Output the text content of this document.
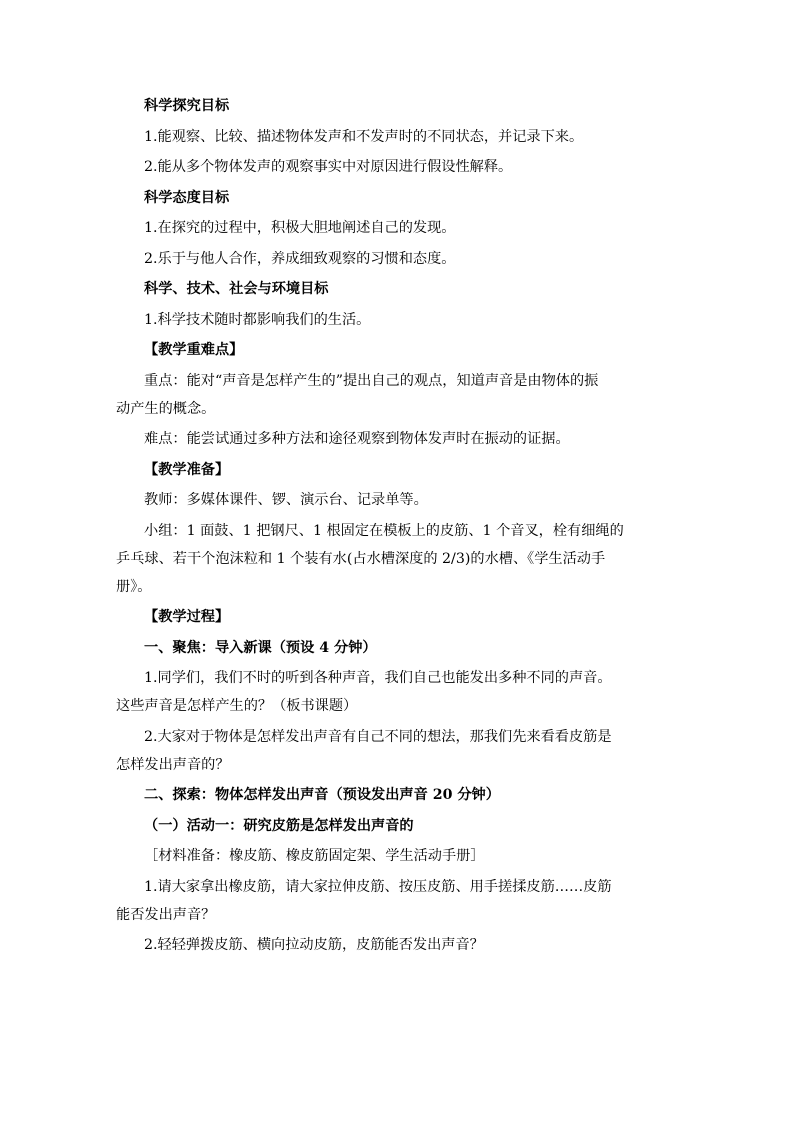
科学探究目标
1.能观察、比较、描述物体发声和不发声时的不同状态，并记录下来。
2.能从多个物体发声的观察事实中对原因进行假设性解释。
科学态度目标
1.在探究的过程中，积极大胆地阐述自己的发现。
2.乐于与他人合作，养成细致观察的习惯和态度。
科学、技术、社会与环境目标
1.科学技术随时都影响我们的生活。
【教学重难点】
重点：能对“声音是怎样产生的”提出自己的观点，知道声音是由物体的振
动产生的概念。
难点：能尝试通过多种方法和途径观察到物体发声时在振动的证据。
【教学准备】
教师：多媒体课件、锣、演示台、记录单等。
小组：1 面鼓、1 把钢尺、1 根固定在模板上的皮筋、1 个音叉，栓有细绳的
乒乓球、若干个泡沫粒和 1 个装有水(占水槽深度的 2/3)的水槽、《学生活动手
册》。
【教学过程】
一、聚焦：导入新课（预设 4 分钟）
1.同学们，我们不时的听到各种声音，我们自己也能发出多种不同的声音。
这些声音是怎样产生的？（板书课题）
2.大家对于物体是怎样发出声音有自己不同的想法，那我们先来看看皮筋是
怎样发出声音的？
二、探索：物体怎样发出声音（预设发出声音 20 分钟）
（一）活动一：研究皮筋是怎样发出声音的
［材料准备：橡皮筋、橡皮筋固定架、学生活动手册］
1.请大家拿出橡皮筋，请大家拉伸皮筋、按压皮筋、用手搓揉皮筋……皮筋
能否发出声音？
2.轻轻弹拨皮筋、横向拉动皮筋，皮筋能否发出声音？
